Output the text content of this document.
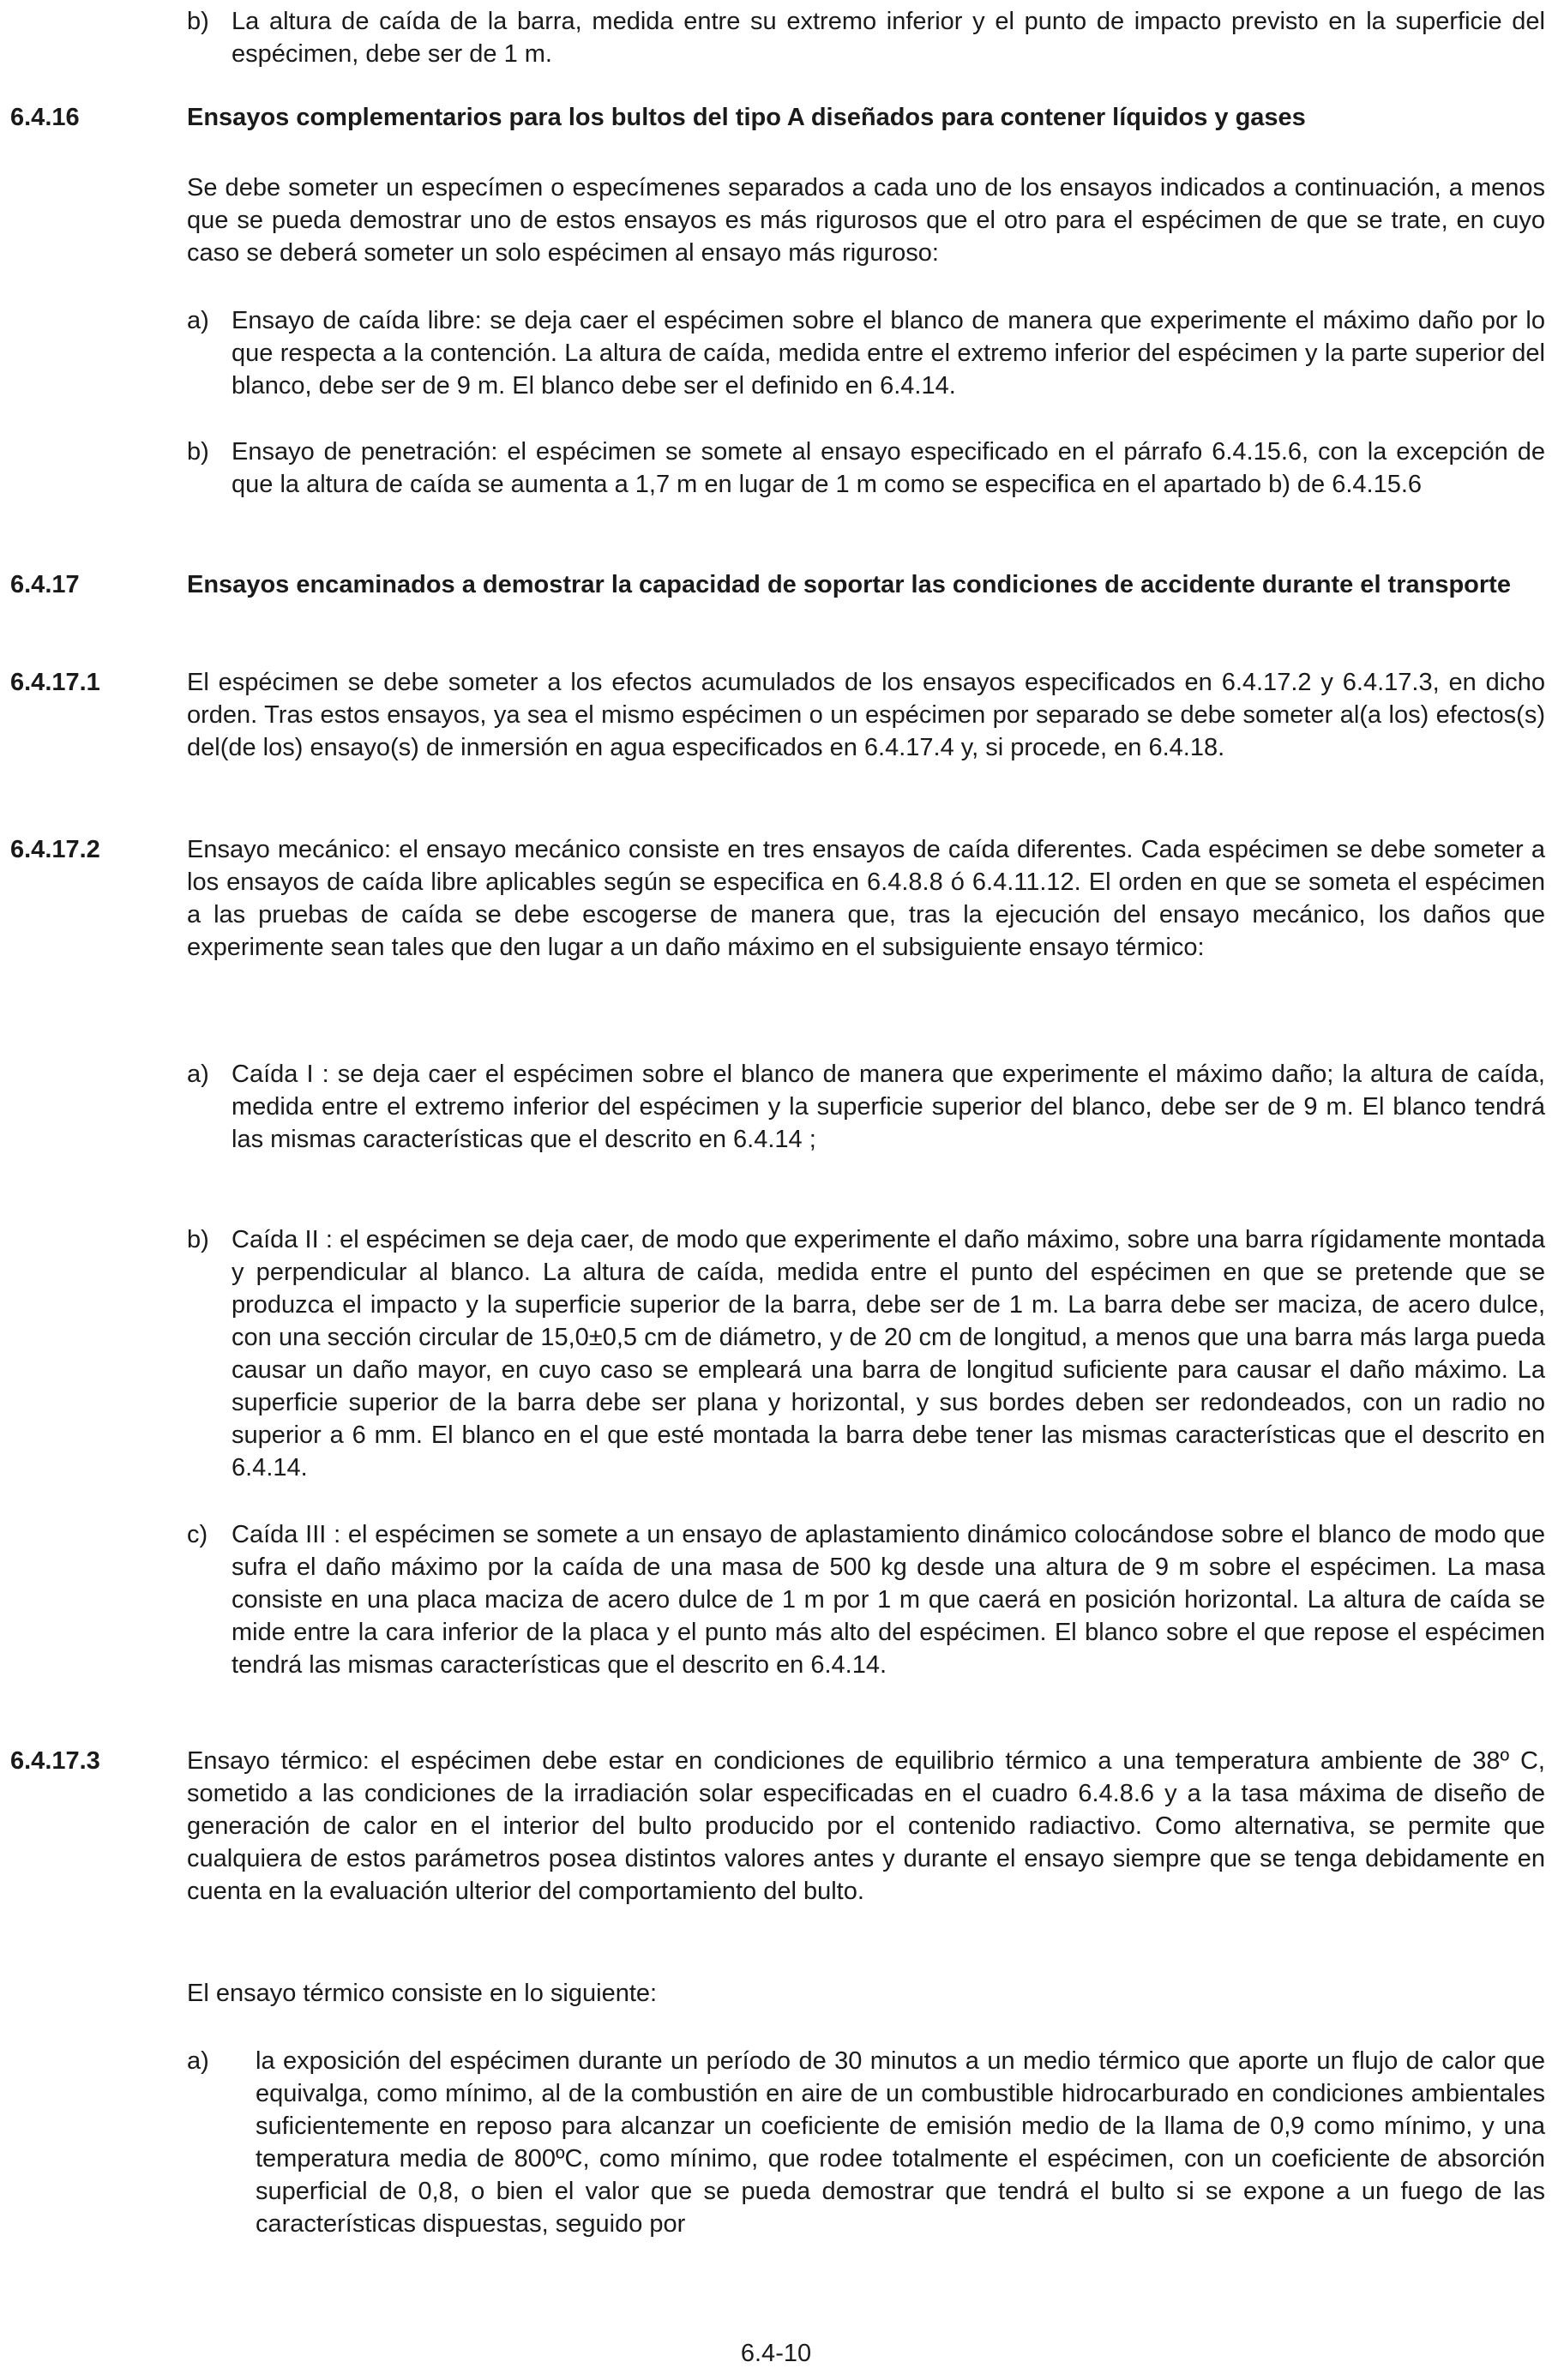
b) La altura de caída de la barra, medida entre su extremo inferior y el punto de impacto previsto en la superficie del espécimen, debe ser de 1 m.
6.4.16	Ensayos complementarios para los bultos del tipo A diseñados para contener líquidos y gases
Se debe someter un especímen o especímenes separados a cada uno de los ensayos indicados a continuación, a menos que se pueda demostrar uno de estos ensayos es más rigurosos que el otro para el espécimen de que se trate, en cuyo caso se deberá someter un solo espécimen al ensayo más riguroso:
a) Ensayo de caída libre: se deja caer el espécimen sobre el blanco de manera que experimente el máximo daño por lo que respecta a la contención. La altura de caída, medida entre el extremo inferior del espécimen y la parte superior del blanco, debe ser de 9 m. El blanco debe ser el definido en 6.4.14.
b) Ensayo de penetración: el espécimen se somete al ensayo especificado en el párrafo 6.4.15.6, con la excepción de que la altura de caída se aumenta a 1,7 m en lugar de 1 m como se especifica en el apartado b) de 6.4.15.6
6.4.17	Ensayos encaminados a demostrar la capacidad de soportar las condiciones de accidente durante el transporte
6.4.17.1	El espécimen se debe someter a los efectos acumulados de los ensayos especificados en 6.4.17.2 y 6.4.17.3, en dicho orden. Tras estos ensayos, ya sea el mismo espécimen o un espécimen por separado se debe someter al(a los) efectos(s) del(de los) ensayo(s) de inmersión en agua especificados en 6.4.17.4 y, si procede, en 6.4.18.
6.4.17.2	Ensayo mecánico: el ensayo mecánico consiste en tres ensayos de caída diferentes. Cada espécimen se debe someter a los ensayos de caída libre aplicables según se especifica en 6.4.8.8 ó 6.4.11.12. El orden en que se someta el espécimen a las pruebas de caída se debe escogerse de manera que, tras la ejecución del ensayo mecánico, los daños que experimente sean tales que den lugar a un daño máximo en el subsiguiente ensayo térmico:
a) Caída I : se deja caer el espécimen sobre el blanco de manera que experimente el máximo daño; la altura de caída, medida entre el extremo inferior del espécimen y la superficie superior del blanco, debe ser de 9 m. El blanco tendrá las mismas características que el descrito en 6.4.14 ;
b) Caída II : el espécimen se deja caer, de modo que experimente el daño máximo, sobre una barra rígidamente montada y perpendicular al blanco. La altura de caída, medida entre el punto del espécimen en que se pretende que se produzca el impacto y la superficie superior de la barra, debe ser de 1 m. La barra debe ser maciza, de acero dulce, con una sección circular de 15,0±0,5 cm de diámetro, y de 20 cm de longitud, a menos que una barra más larga pueda causar un daño mayor, en cuyo caso se empleará una barra de longitud suficiente para causar el daño máximo. La superficie superior de la barra debe ser plana y horizontal, y sus bordes deben ser redondeados, con un radio no superior a 6 mm. El blanco en el que esté montada la barra debe tener las mismas características que el descrito en 6.4.14.
c) Caída III : el espécimen se somete a un ensayo de aplastamiento dinámico colocándose sobre el blanco de modo que sufra el daño máximo por la caída de una masa de 500 kg desde una altura de 9 m sobre el espécimen. La masa consiste en una placa maciza de acero dulce de 1 m por 1 m que caerá en posición horizontal. La altura de caída se mide entre la cara inferior de la placa y el punto más alto del espécimen. El blanco sobre el que repose el espécimen tendrá las mismas características que el descrito en 6.4.14.
6.4.17.3	Ensayo térmico: el espécimen debe estar en condiciones de equilibrio térmico a una temperatura ambiente de 38º C, sometido a las condiciones de la irradiación solar especificadas en el cuadro 6.4.8.6 y a la tasa máxima de diseño de generación de calor en el interior del bulto producido por el contenido radiactivo. Como alternativa, se permite que cualquiera de estos parámetros posea distintos valores antes y durante el ensayo siempre que se tenga debidamente en cuenta en la evaluación ulterior del comportamiento del bulto.
El ensayo térmico consiste en lo siguiente:
a) la exposición del espécimen durante un período de 30 minutos a un medio térmico que aporte un flujo de calor que equivalga, como mínimo, al de la combustión en aire de un combustible hidrocarburado en condiciones ambientales suficientemente en reposo para alcanzar un coeficiente de emisión medio de la llama de 0,9 como mínimo, y una temperatura media de 800ºC, como mínimo, que rodee totalmente el espécimen, con un coeficiente de absorción superficial de 0,8, o bien el valor que se pueda demostrar que tendrá el bulto si se expone a un fuego de las características dispuestas, seguido por
6.4-10
